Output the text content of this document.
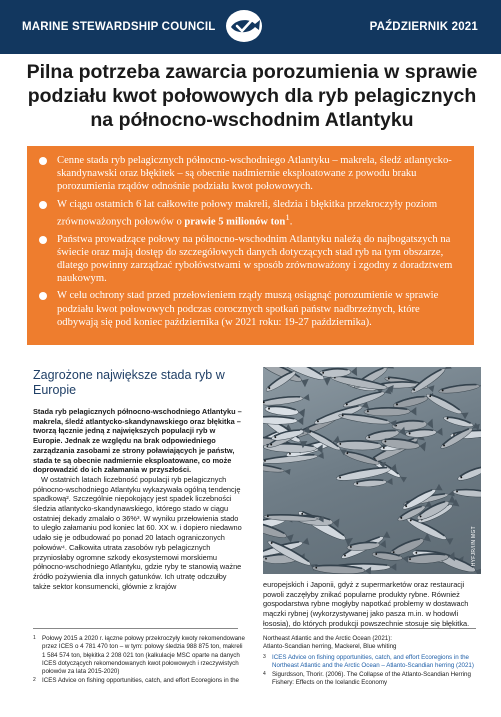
MARINE STEWARDSHIP COUNCIL	PAŹDZIERNIK 2021
Pilna potrzeba zawarcia porozumienia w sprawie podziału kwot połowowych dla ryb pelagicznych na północno-wschodnim Atlantyku
Cenne stada ryb pelagicznych północno-wschodniego Atlantyku – makrela, śledź atlantycko-skandynawski oraz błękitek – są obecnie nadmiernie eksploatowane z powodu braku porozumienia rządów odnośnie podziału kwot połowowych.
W ciągu ostatnich 6 lat całkowite połowy makreli, śledzia i błękitka przekroczyły poziom zrównoważonych połowów o prawie 5 milionów ton$^1$.
Państwa prowadzące połowy na północno-wschodnim Atlantyku należą do najbogatszych na świecie oraz mają dostęp do szczegółowych danych dotyczących stad ryb na tym obszarze, dlatego powinny zarządzać rybołówstwami w sposób zrównoważony i zgodny z doradztwem naukowym.
W celu ochrony stad przed przełowieniem rządy muszą osiągnąć porozumienie w sprawie podziału kwot połowowych podczas corocznych spotkań państw nadbrzeżnych, które odbywają się pod koniec października (w 2021 roku: 19-27 października).
Zagrożone największe stada ryb w Europie

Stada ryb pelagicznych północno-wschodniego Atlantyku – makrela, śledź atlantycko-skandynawskiego oraz błękitka – tworzą łącznie jedną z największych populacji ryb w Europie. Jednak ze względu na brak odpowiedniego zarządzania zasobami ze strony poławiających je państw, stada te są obecnie nadmiernie eksploatowane, co może doprowadzić do ich załamania w przyszłości.

W ostatnich latach liczebność populacji ryb pelagicznych północno-wschodniego Atlantyku wykazywała ogólną tendencję spadkową². Szczególnie niepokojący jest spadek liczebności śledzia atlantycko-skandynawskiego, którego stado w ciągu ostatniej dekady zmalało o 36%³. W wyniku przełowienia stado to uległo załamaniu pod koniec lat 60. XX w. i dopiero niedawno udało się je odbudować po ponad 20 latach ograniczonych połowów⁴. Całkowita utrata zasobów ryb pelagicznych przyniosłaby ogromne szkody ekosystemowi morskiemu północno-wschodniego Atlantyku, gdzie ryby te stanowią ważne źródło pożywienia dla innych gatunków. Ich utratę odczułby także sektor konsumencki, głównie z krajów

1 Połowy 2015 a 2020 r. łączne połowy przekroczyły kwoty rekomendowane przez ICES o 4 781 470 ton – w tym: połowy śledzia 988 875 ton, makreli 1 584 574 ton, błękitka 2 208 021 ton (kalkulacje MSC oparte na danych ICES dotyczących rekomendowanych kwot połowowych i rzeczywistych połowów za lata 2015-2020)
2 ICES Advice on fishing opportunities, catch, and effort Ecoregions in the
HYFJR/I/N MGT

europejskich i Japonii, gdyż z supermarketów oraz restauracji powoli zaczęłyby znikać popularne produkty rybne. Również gospodarstwa rybne mogłyby napotkać problemy w dostawach mączki rybnej (wykorzystywanej jako pasza m.in. w hodowli łososia), do których produkcji powszechnie stosuje się błękitka.

Northeast Atlantic and the Arctic Ocean (2021):
Atlanto-Scandian herring, Mackerel, Blue whiting
3 ICES Advice on fishing opportunities, catch, and effort Ecoregions in the Northeast Atlantic and the Arctic Ocean – Atlanto-Scandian herring (2021)
4 Sigurdsson, Thorir. (2006). The Collapse of the Atlanto-Scandian Herring Fishery: Effects on the Icelandic Economy
